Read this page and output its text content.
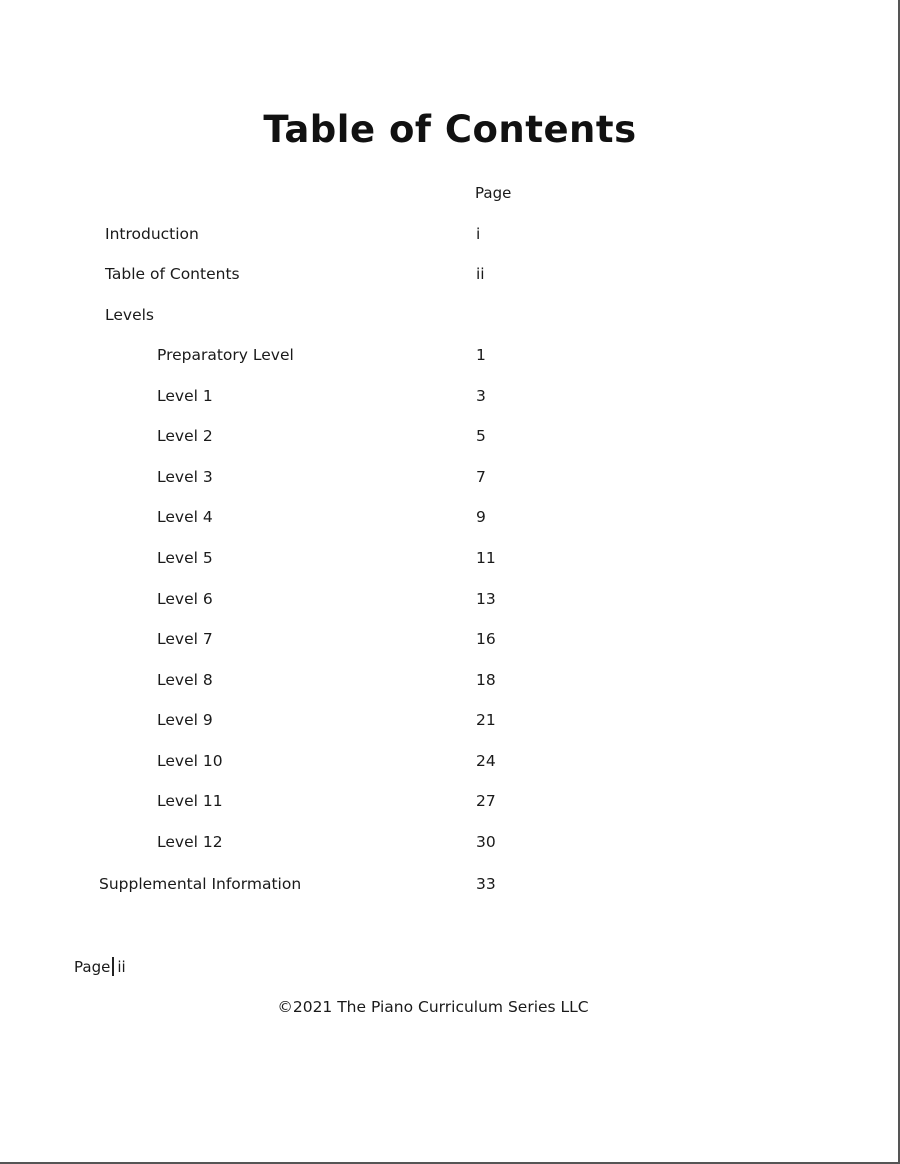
Table of Contents
Page
Introduction	i
Table of Contents	ii
Levels
Preparatory Level	1
Level 1	3
Level 2	5
Level 3	7
Level 4	9
Level 5	11
Level 6	13
Level 7	16
Level 8	18
Level 9	21
Level 10	24
Level 11	27
Level 12	30
Supplemental Information	33
Page ii
©2021 The Piano Curriculum Series LLC
